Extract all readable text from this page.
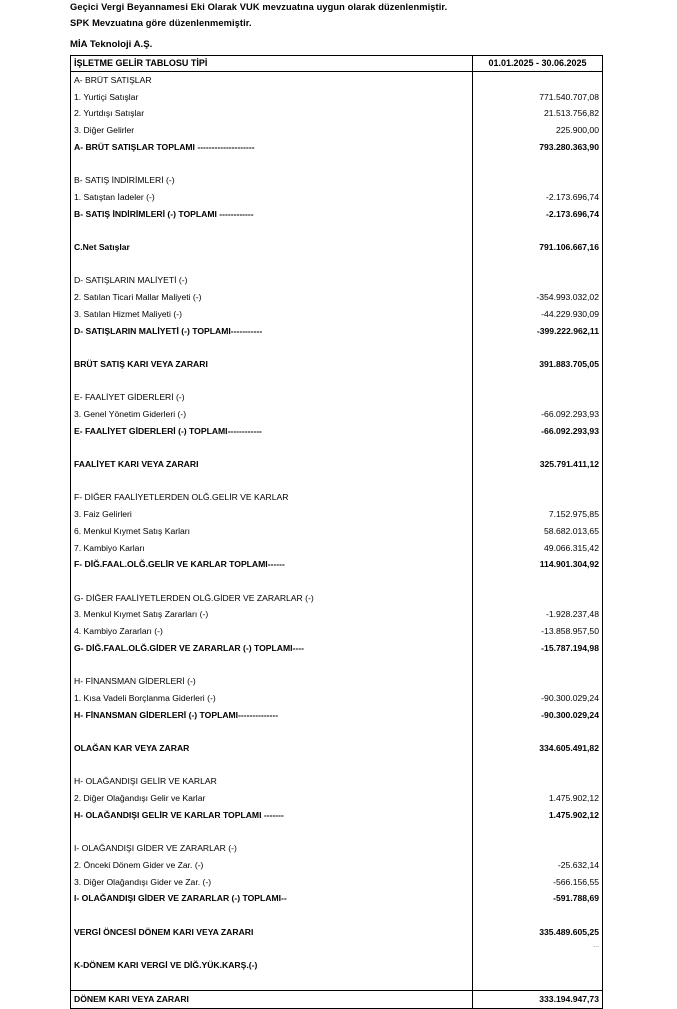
Geçici Vergi Beyannamesi Eki Olarak VUK mevzuatına uygun olarak düzenlenmiştir.
SPK Mevzuatına göre düzenlenmemiştir.
MİA Teknoloji A.Ş.
İŞLETME GELİR TABLOSU TİPİ	01.01.2025 - 30.06.2025
A- BRÜT SATIŞLAR	
1. Yurtiçi Satışlar	771.540.707,08
2. Yurtdışı Satışlar	21.513.756,82
3. Diğer Gelirler	225.900,00
A- BRÜT SATIŞLAR TOPLAMI --------------------	793.280.363,90

B- SATIŞ İNDİRİMLERİ (-)	
1. Satıştan İadeler (-)	-2.173.696,74
B- SATIŞ İNDİRİMLERİ (-) TOPLAMI ------------	-2.173.696,74

C.Net Satışlar	791.106.667,16

D- SATIŞLARIN MALİYETİ (-)	
2. Satılan Ticari Mallar Maliyeti (-)	-354.993.032,02
3. Satılan Hizmet Maliyeti (-)	-44.229.930,09
D- SATIŞLARIN MALİYETİ (-) TOPLAMI-----------	-399.222.962,11

BRÜT SATIŞ KARI VEYA ZARARI	391.883.705,05

E- FAALİYET GİDERLERİ (-)	
3. Genel Yönetim Giderleri (-)	-66.092.293,93
E- FAALİYET GİDERLERİ (-) TOPLAMI------------	-66.092.293,93

FAALİYET KARI VEYA ZARARI	325.791.411,12

F- DİĞER FAALİYETLERDEN OLĞ.GELİR VE KARLAR	
3. Faiz Gelirleri	7.152.975,85
6. Menkul Kıymet Satış Karları	58.682.013,65
7. Kambiyo Karları	49.066.315,42
F- DİĞ.FAAL.OLĞ.GELİR VE KARLAR TOPLAMI------	114.901.304,92

G- DİĞER FAALİYETLERDEN OLĞ.GİDER VE ZARARLAR (-)	
3. Menkul Kıymet Satış Zararları (-)	-1.928.237,48
4. Kambiyo Zararları (-)	-13.858.957,50
G- DİĞ.FAAL.OLĞ.GİDER VE ZARARLAR (-) TOPLAMI----	-15.787.194,98

H- FİNANSMAN GİDERLERİ (-)	
1. Kısa Vadeli Borçlanma Giderleri (-)	-90.300.029,24
H- FİNANSMAN GİDERLERİ (-) TOPLAMI--------------	-90.300.029,24

OLAĞAN KAR VEYA ZARAR	334.605.491,82

H- OLAĞANDIŞI GELİR VE KARLAR	
2. Diğer Olağandışı Gelir ve Karlar	1.475.902,12
H- OLAĞANDIŞI GELİR VE KARLAR TOPLAMI -------	1.475.902,12

I- OLAĞANDIŞI GİDER VE ZARARLAR (-)	
2. Önceki Dönem Gider ve Zar. (-)	-25.632,14
3. Diğer Olağandışı Gider ve Zar. (-)	-566.156,55
I- OLAĞANDIŞI GİDER VE ZARARLAR (-) TOPLAMI--	-591.788,69

VERGİ ÖNCESİ DÖNEM KARI VEYA ZARARI	335.489.605,25
	-2.294.657,52
K-DÖNEM KARI VERGİ VE DİĞ.YÜK.KARŞ.(-)	

DÖNEM KARI VEYA ZARARI	333.194.947,73
